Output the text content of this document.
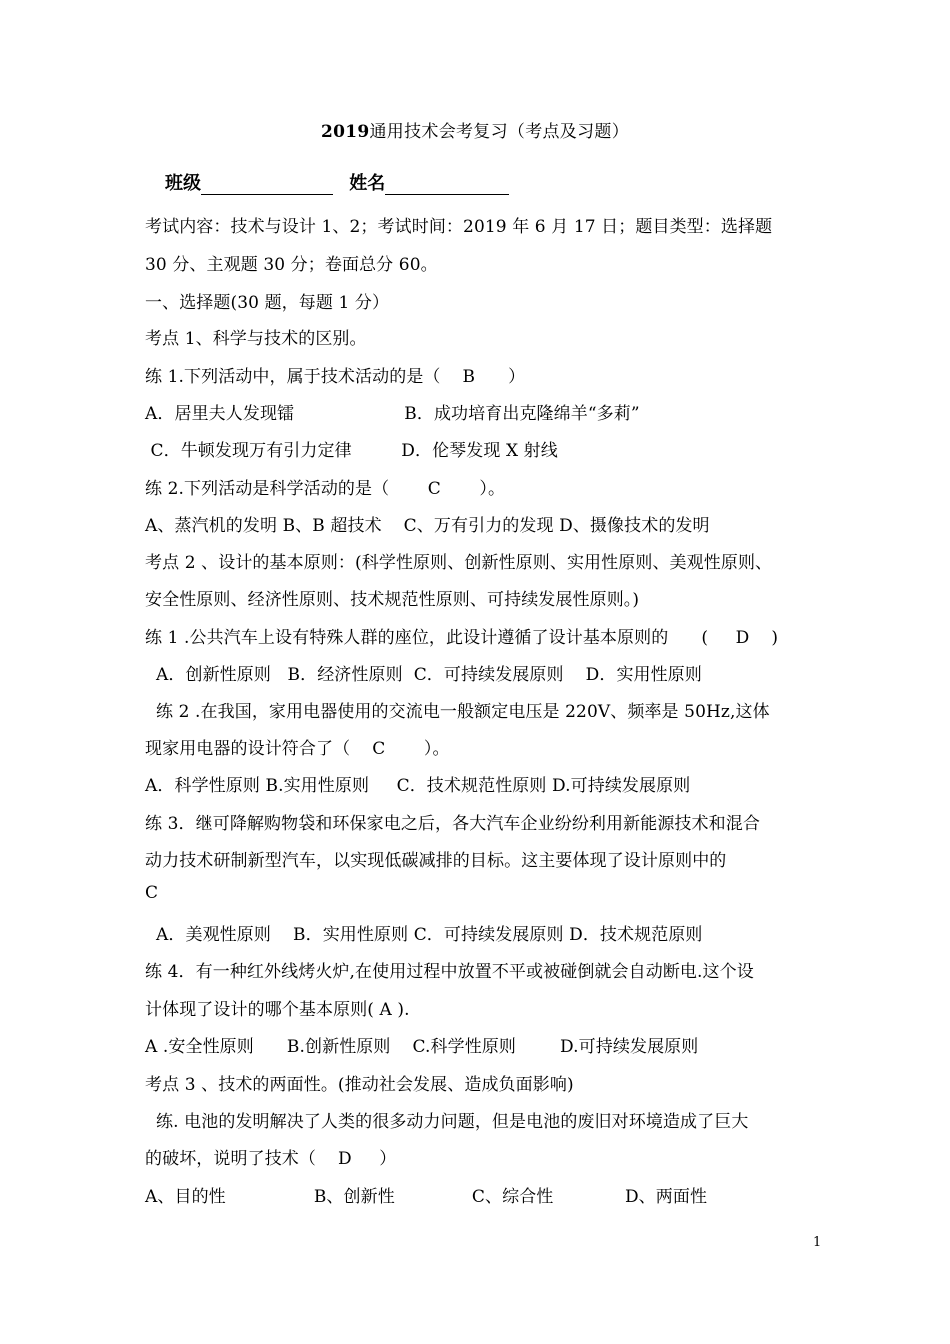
2019通用技术会考复习（考点及习题）
班级	姓名
考试内容：技术与设计 1、2；考试时间：2019 年 6 月 17 日；题目类型：选择题
30 分、主观题 30 分；卷面总分 60。
一、选择题(30 题，每题 1 分）
考点 1、科学与技术的区别。
练 1.下列活动中，属于技术活动的是（    B      ）
A．居里夫人发现镭                    B．成功培育出克隆绵羊“多莉”
C．牛顿发现万有引力定律         D．伦琴发现 X 射线
练 2.下列活动是科学活动的是（       C       ）。
A、蒸汽机的发明 B、B 超技术    C、万有引力的发现 D、摄像技术的发明
考点 2 、设计的基本原则：(科学性原则、创新性原则、实用性原则、美观性原则、
安全性原则、经济性原则、技术规范性原则、可持续发展性原则。)
练 1 .公共汽车上设有特殊人群的座位，此设计遵循了设计基本原则的      (     D    )
A．创新性原则   B．经济性原则  C．可持续发展原则    D．实用性原则
练 2 .在我国，家用电器使用的交流电一般额定电压是 220V、频率是 50Hz,这体
现家用电器的设计符合了（    C       ）。
A．科学性原则 B.实用性原则     C．技术规范性原则 D.可持续发展原则
练 3．继可降解购物袋和环保家电之后，各大汽车企业纷纷利用新能源技术和混合
动力技术研制新型汽车，以实现低碳减排的目标。这主要体现了设计原则中的
C
A．美观性原则    B．实用性原则 C．可持续发展原则 D．技术规范原则
练 4．有一种红外线烤火炉,在使用过程中放置不平或被碰倒就会自动断电.这个设
计体现了设计的哪个基本原则( A ).
A .安全性原则      B.创新性原则    C.科学性原则        D.可持续发展原则
考点 3 、技术的两面性。(推动社会发展、造成负面影响)
练. 电池的发明解决了人类的很多动力问题，但是电池的废旧对环境造成了巨大
的破坏，说明了技术（    D     ）
A、目的性                B、创新性              C、综合性             D、两面性
1
